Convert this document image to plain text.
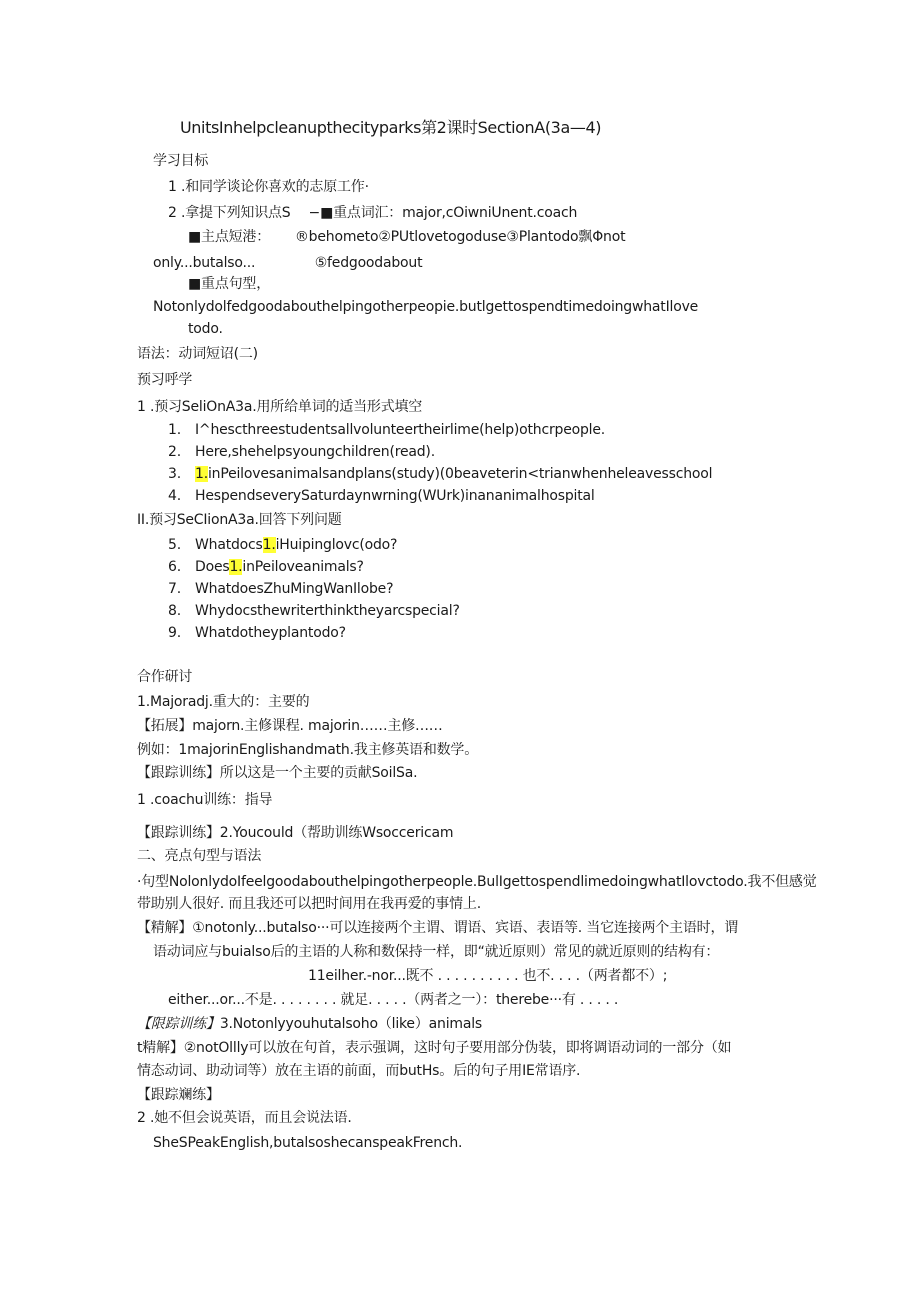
UnitsInhelpcleanupthecityparks第2课时SectionA(3a—4)
学习目标
1 .和同学谈论你喜欢的志原工作·
2 .拿提下列知识点S　 −■重点词汇：major,cOiwniUnent.coach
■主点短港：　　 ®behometo②PUtlovetogoduse③Plantodo飘Φnot
only...butalso...　　　　 ⑤fedgoodabout
■重点句型，
Notonlydolfedgoodabouthelpingotherpeopie.butlgettospendtimedoingwhatIlove
todo.
语法：动词短诏(二)
预习呼学
1 .预习SeliOnA3a.用所给单词的适当形式填空
1. I^hescthreestudentsallvolunteertheirlime(help)othcrpeople.
2. Here,shehelpsyoungchildren(read).
3. 1.inPeilovesanimalsandplans(study)(0beaveterin<trianwhenheleavesschool
4. HespendseverySaturdaynwrning(WUrk)inananimalhospital
II.预习SeCIionA3a.回答下列问题
5. Whatdocs1.iHuipinglovc(odo?
6. Does1.inPeiloveanimals?
7. WhatdoesZhuMingWanIlobe?
8. Whydocsthewriterthinktheyarcspecial?
9. Whatdotheyplantodo?
合作研讨
1.Majoradj.重大的：主要的
【拓展】majorn.主修课程. majorin……主修……
例如：1majorinEnglishandmath.我主修英语和数学。
【跟踪训练】所以这是一个主要的贡献SoilSa.
1 .coachu训练：指导
【跟踪训练】2.Youcould（帮助训练Wsoccericam
二、亮点句型与语法
·句型NolonlydoIfeelgoodabouthelpingotherpeople.BulIgettospendlimedoingwhatIlovctodo.我不但感觉
带助别人很好. 而且我还可以把时间用在我再爱的事情上.
【精解】①notonly...butalso···可以连接两个主谓、谓语、宾语、表语等. 当它连接两个主语时，谓
语动词应与buialso后的主语的人称和数保持一样，即“就近原则）常见的就近原则的结构有：
11eilher.-nor...既不 . . . . . . . . . . 也不. . . .（两者都不）;
either...or...不是. . . . . . . . 就足. . . . .（两者之一）：therebe···有 . . . . .
【限踪训练】3.Notonlyyouhutalsoho（like）animals
t精解】②notOllly可以放在句首，表示强调，这时句子要用部分伪装，即将调语动词的一部分（如
情态动词、助动词等）放在主语的前面，而butHs。后的句子用IE常语序.
【跟踪斓练】
2 .她不但会说英语，而且会说法语.
SheSPeakEnglish,butalsoshecanspeakFrench.
